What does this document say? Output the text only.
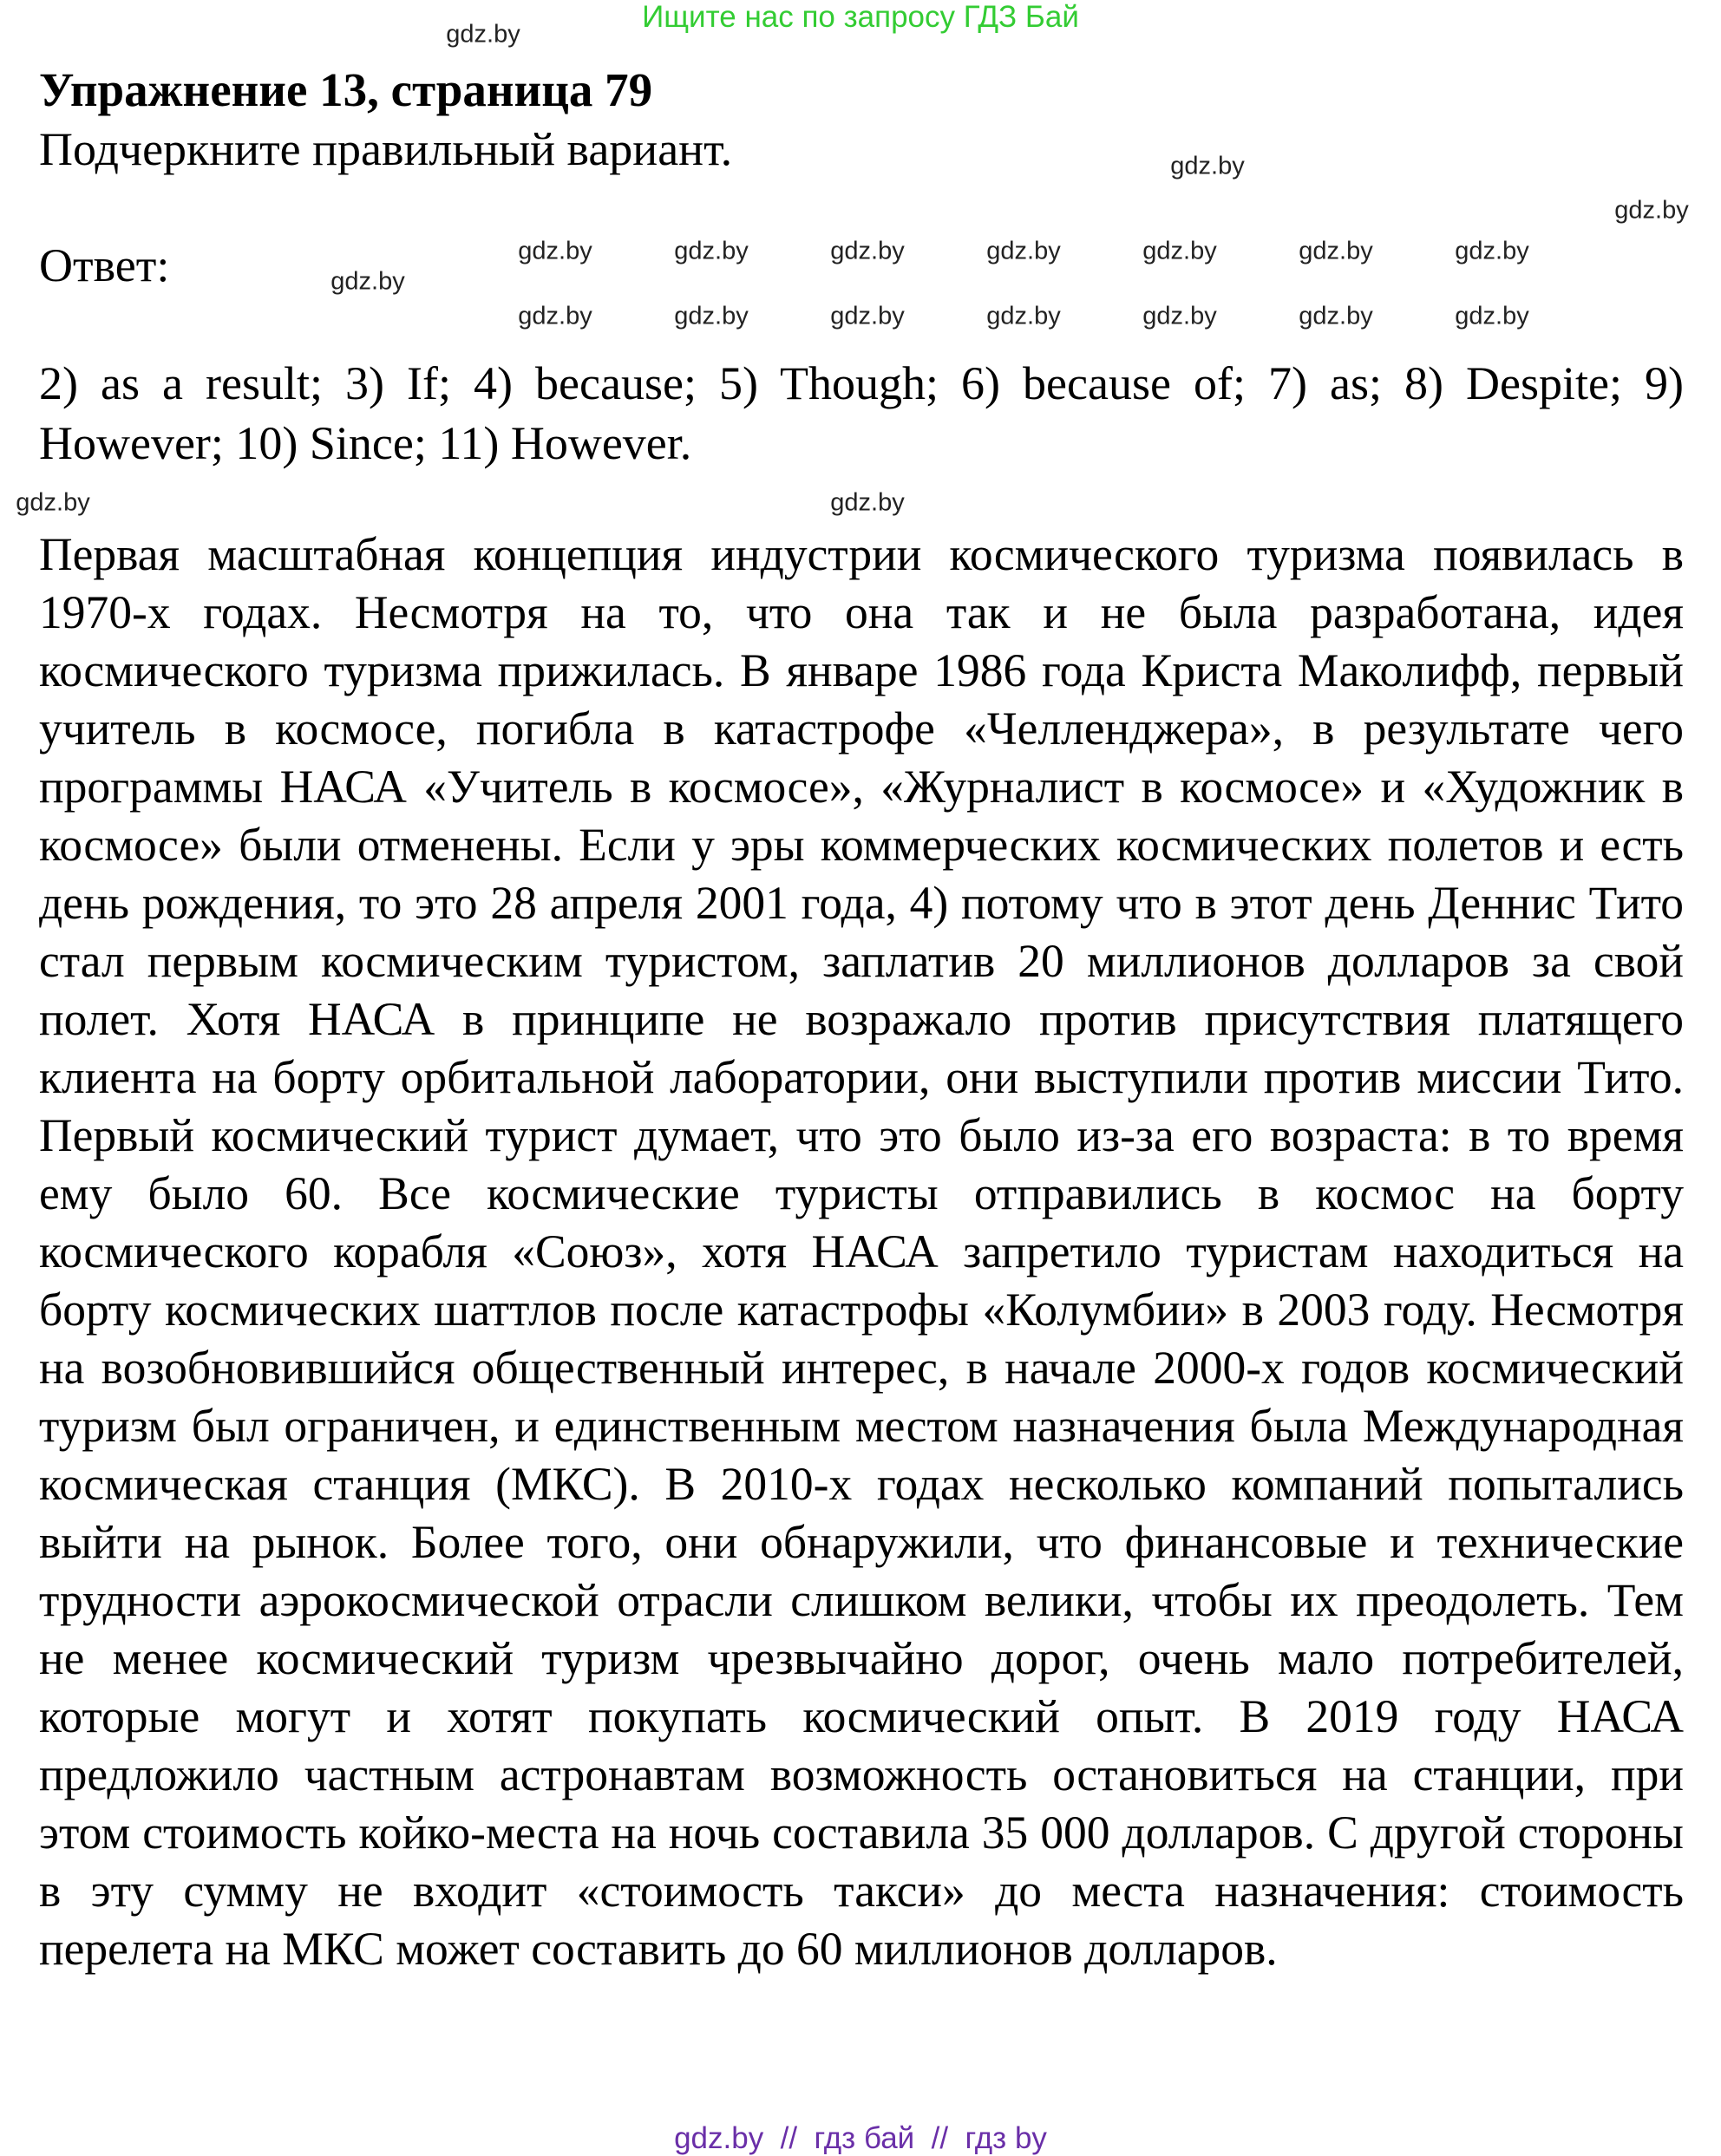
Ищите нас по запросу ГДЗ Бай
Упражнение 13, страница 79
Подчеркните правильный вариант.
Ответ:
2) as a result; 3) If; 4) because; 5) Though; 6) because of; 7) as; 8) Despite; 9) However; 10) Since; 11) However.
Первая масштабная концепция индустрии космического туризма появилась в 1970-х годах. Несмотря на то, что она так и не была разработана, идея космического туризма прижилась. В январе 1986 года Криста Маколифф, первый учитель в космосе, погибла в катастрофе «Челленджера», в результате чего программы НАСА «Учитель в космосе», «Журналист в космосе» и «Художник в космосе» были отменены. Если у эры коммерческих космических полетов и есть день рождения, то это 28 апреля 2001 года, 4) потому что в этот день Деннис Тито стал первым космическим туристом, заплатив 20 миллионов долларов за свой полет. Хотя НАСА в принципе не возражало против присутствия платящего клиента на борту орбитальной лаборатории, они выступили против миссии Тито. Первый космический турист думает, что это было из-за его возраста: в то время ему было 60. Все космические туристы отправились в космос на борту космического корабля «Союз», хотя НАСА запретило туристам находиться на борту космических шаттлов после катастрофы «Колумбии» в 2003 году. Несмотря на возобновившийся общественный интерес, в начале 2000-х годов космический туризм был ограничен, и единственным местом назначения была Международная космическая станция (МКС). В 2010-х годах несколько компаний попытались выйти на рынок. Более того, они обнаружили, что финансовые и технические трудности аэрокосмической отрасли слишком велики, чтобы их преодолеть. Тем не менее космический туризм чрезвычайно дорог, очень мало потребителей, которые могут и хотят покупать космический опыт. В 2019 году НАСА предложило частным астронавтам возможность остановиться на станции, при этом стоимость койко-места на ночь составила 35 000 долларов. С другой стороны в эту сумму не входит «стоимость такси» до места назначения: стоимость перелета на МКС может составить до 60 миллионов долларов.
gdz.by
gdz.by
gdz.by
gdz.by
gdz.by
gdz.by
gdz.by	gdz.by	gdz.by	gdz.by	gdz.by	gdz.by	gdz.by
gdz.by	gdz.by	gdz.by	gdz.by	gdz.by	gdz.by	gdz.by
gdz.by  //  гдз бай  //  гдз by
